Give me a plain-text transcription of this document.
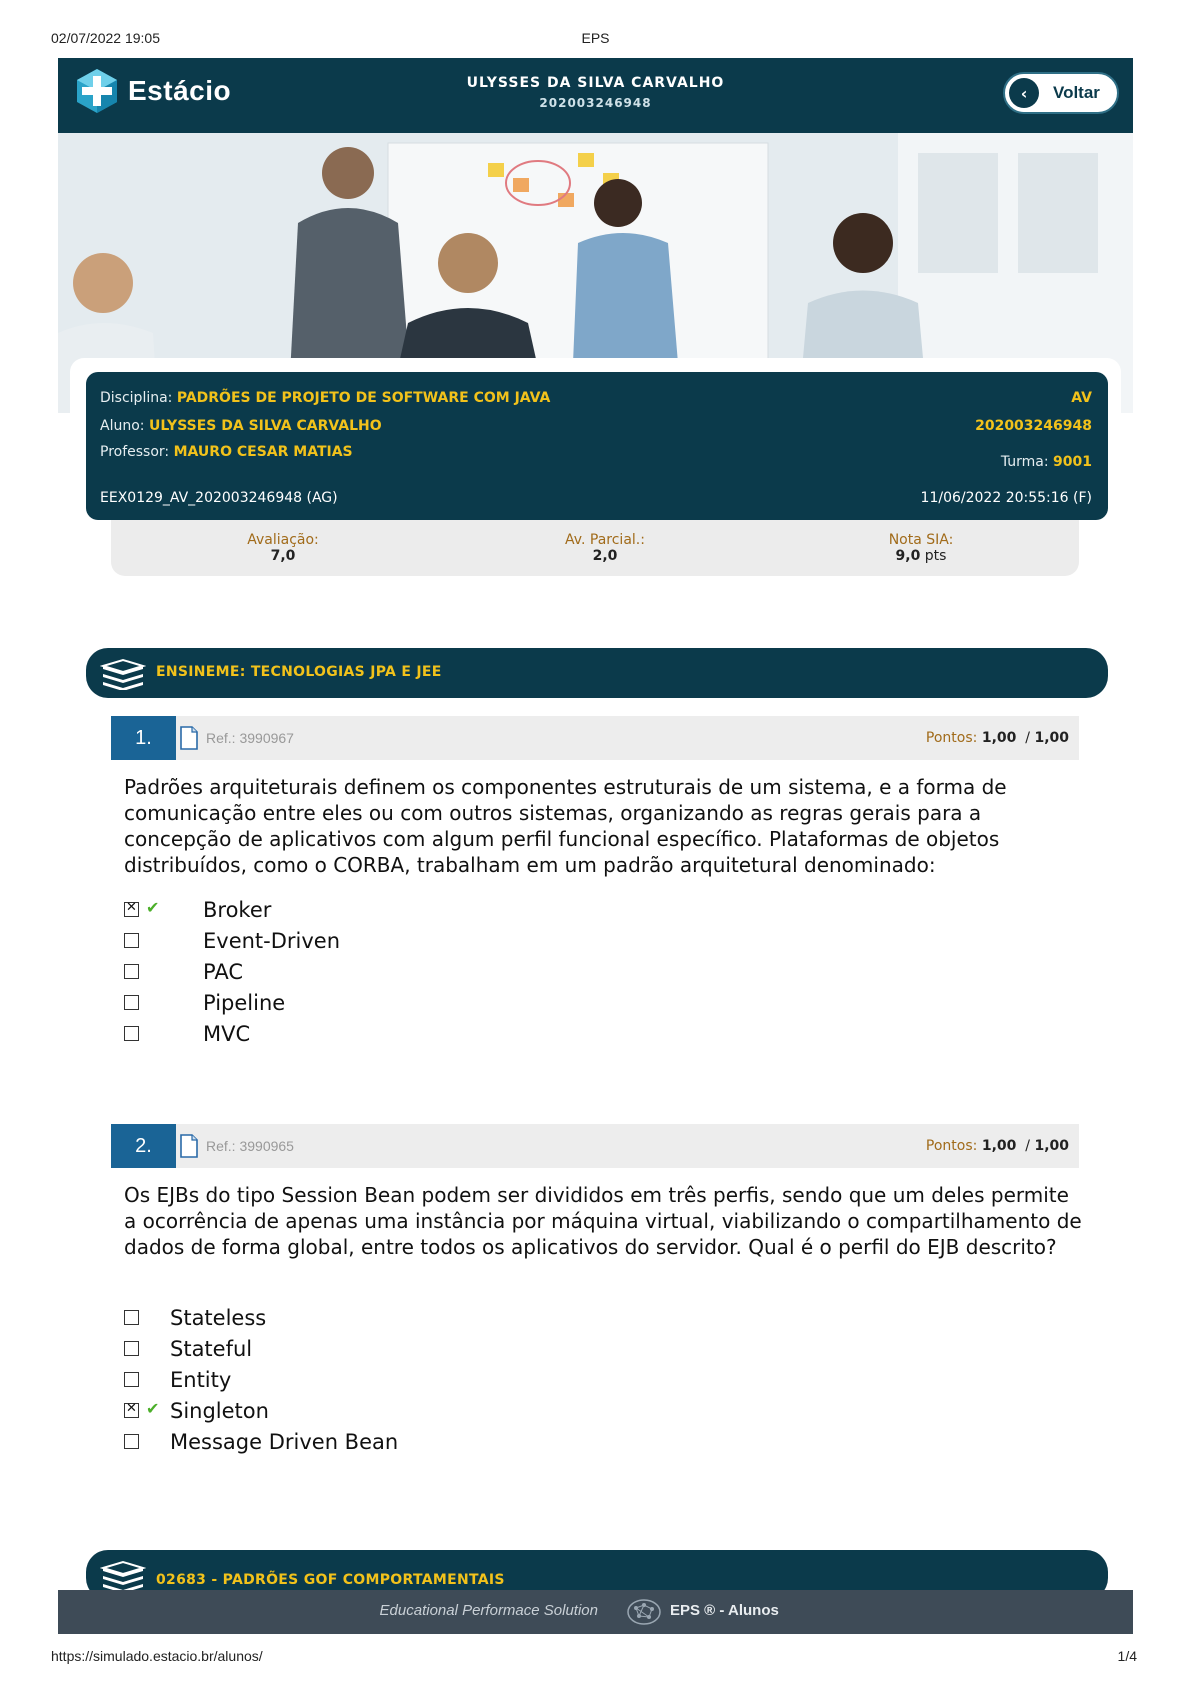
02/07/2022 19:05	EPS
Estácio	ULYSSES DA SILVA CARVALHO
202003246948
‹	Voltar
Disciplina: PADRÕES DE PROJETO DE SOFTWARE COM JAVA	AV
Aluno: ULYSSES DA SILVA CARVALHO	202003246948
Professor: MAURO CESAR MATIAS
Turma: 9001
EEX0129_AV_202003246948 (AG)	11/06/2022 20:55:16 (F)
Avaliação:
7,0
Av. Parcial.:
2,0
Nota SIA:
9,0 pts
ENSINEME: TECNOLOGIAS JPA E JEE
1.	Ref.: 3990967	Pontos: 1,00 / 1,00
Padrões arquiteturais definem os componentes estruturais de um sistema, e a forma de comunicação entre eles ou com outros sistemas, organizando as regras gerais para a concepção de aplicativos com algum perfil funcional específico. Plataformas de objetos distribuídos, como o CORBA, trabalham em um padrão arquitetural denominado:
✕
✔ Broker
Event-Driven
PAC
Pipeline
MVC
2.	Ref.: 3990965	Pontos: 1,00 / 1,00
Os EJBs do tipo Session Bean podem ser divididos em três perfis, sendo que um deles permite a ocorrência de apenas uma instância por máquina virtual, viabilizando o compartilhamento de dados de forma global, entre todos os aplicativos do servidor. Qual é o perfil do EJB descrito?
Stateless
Stateful
Entity
✕
✔ Singleton
Message Driven Bean
02683 - PADRÕES GOF COMPORTAMENTAIS
Educational Performace Solution	EPS ® - Alunos
https://simulado.estacio.br/alunos/	1/4
